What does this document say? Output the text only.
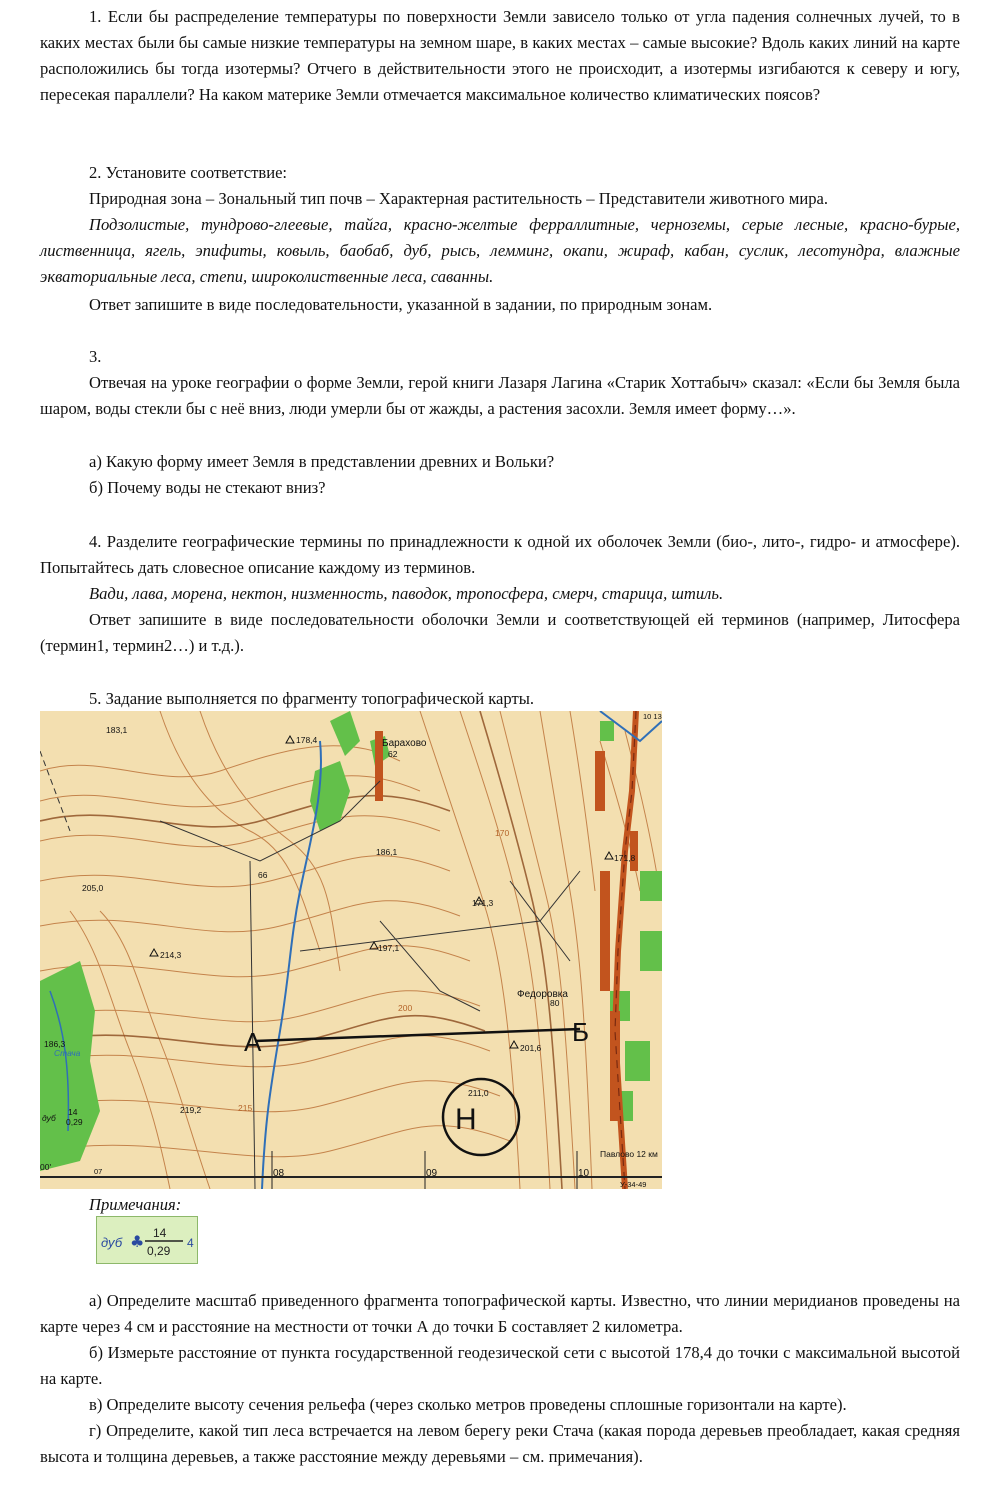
1. Если бы распределение температуры по поверхности Земли зависело только от угла падения солнечных лучей, то в каких местах были бы самые низкие температуры на земном шаре, в каких местах – самые высокие? Вдоль каких линий на карте расположились бы тогда изотермы? Отчего в действительности этого не происходит, а изотермы изгибаются к северу и югу, пересекая параллели? На каком материке Земли отмечается максимальное количество климатических поясов?

2. Установите соответствие:

Природная зона – Зональный тип почв – Характерная растительность – Представители животного мира.

Подзолистые, тундрово-глеевые, тайга, красно-желтые ферраллитные, черноземы, серые лесные, красно-бурые, лиственница, ягель, эпифиты, ковыль, баобаб, дуб, рысь, лемминг, окапи, жираф, кабан, суслик, лесотундра, влажные экваториальные леса, степи, широколиственные леса, саванны.

Ответ запишите в виде последовательности, указанной в задании, по природным зонам.

3.

Отвечая на уроке географии о форме Земли, герой книги Лазаря Лагина «Старик Хоттабыч» сказал: «Если бы Земля была шаром, воды стекли бы с неё вниз, люди умерли бы от жажды, а растения засохли. Земля имеет форму…».

а) Какую форму имеет Земля в представлении древних и Вольки?

б) Почему воды не стекают вниз?

4. Разделите географические термины по принадлежности к одной их оболочек Земли (био-, лито-, гидро- и атмосфере). Попытайтесь дать словесное описание каждому из терминов.

Вади, лава, морена, нектон, низменность, паводок, тропосфера, смерч, старица, штиль.

Ответ запишите в виде последовательности оболочки Земли и соответствующей ей терминов (например, Литосфера (термин1, термин2…) и т.д.).

5. Задание выполняется по фрагменту топографической карты.

183,1
178,4	Барахово
62
186,1
171,3
171,8
205,0
66
214,3
197,1
Федоровка
80
201,6
211,0
219,2
186,3
170
200
215
Стача
дуб
14
0,29
10 13
00'	07	08	09	10
Павлово 12 км
У-34-49
А	Б
Н

Примечания:

дуб ♣ 14
0,29
4

а) Определите масштаб приведенного фрагмента топографической карты. Известно, что линии меридианов проведены на карте через 4 см и расстояние на местности от точки А до точки Б составляет 2 километра.

б) Измерьте расстояние от пункта государственной геодезической сети с высотой 178,4 до точки с максимальной высотой на карте.

в) Определите высоту сечения рельефа (через сколько метров проведены сплошные горизонтали на карте).

г) Определите, какой тип леса встречается на левом берегу реки Стача (какая порода деревьев преобладает, какая средняя высота и толщина деревьев, а также расстояние между деревьями – см. примечания).
